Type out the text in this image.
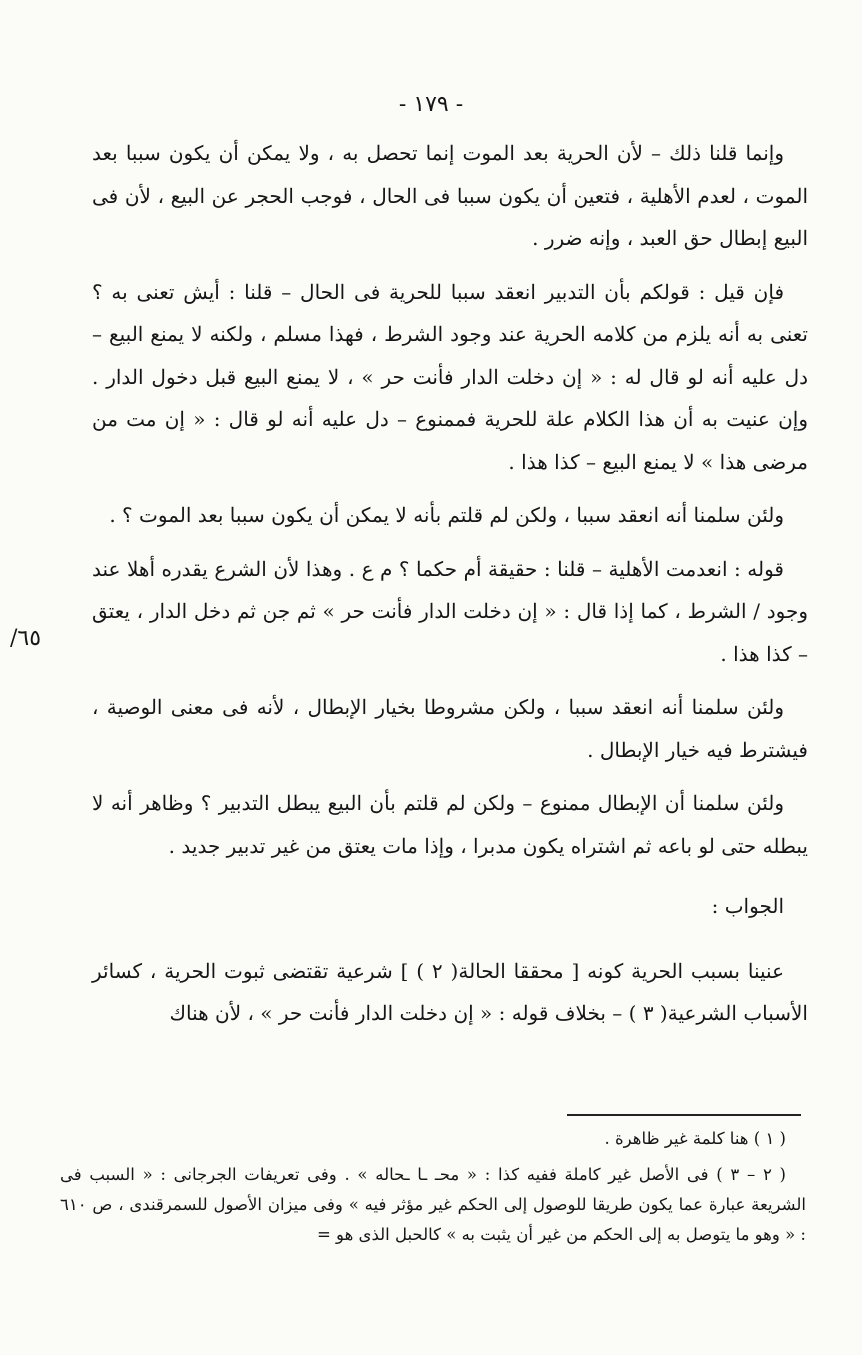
- ١٧٩ -
٦٥/

وإنما قلنا ذلك – لأن الحرية بعد الموت إنما تحصل به ، ولا يمكن أن يكون سببا بعد الموت ، لعدم الأهلية ، فتعين أن يكون سببا فى الحال ، فوجب الحجر عن البيع ، لأن فى البيع إبطال حق العبد ، وإنه ضرر .

فإن قيل : قولكم بأن التدبير انعقد سببا للحرية فى الحال – قلنا : أيش تعنى به ؟ تعنى به أنه يلزم من كلامه الحرية عند وجود الشرط ، فهذا مسلم ، ولكنه لا يمنع البيع – دل عليه أنه لو قال له : « إن دخلت الدار فأنت حر » ، لا يمنع البيع قبل دخول الدار . وإن عنيت به أن هذا الكلام علة للحرية فممنوع – دل عليه أنه لو قال : « إن مت من مرضى هذا » لا يمنع البيع – كذا هذا .

ولئن سلمنا أنه انعقد سببا ، ولكن لم قلتم بأنه لا يمكن أن يكون سببا بعد الموت ؟ .

قوله : انعدمت الأهلية – قلنا : حقيقة أم حكما ؟ م ع . وهذا لأن الشرع يقدره أهلا عند وجود / الشرط ، كما إذا قال : « إن دخلت الدار فأنت حر » ثم جن ثم دخل الدار ، يعتق – كذا هذا .

ولئن سلمنا أنه انعقد سببا ، ولكن مشروطا بخيار الإبطال ، لأنه فى معنى الوصية ، فيشترط فيه خيار الإبطال .

ولئن سلمنا أن الإبطال ممنوع – ولكن لم قلتم بأن البيع يبطل التدبير ؟ وظاهر أنه لا يبطله حتى لو باعه ثم اشتراه يكون مدبرا ، وإذا مات يعتق من غير تدبير جديد .

الجواب :

عنينا بسبب الحرية كونه [ محققا الحالة( ٢ ) ] شرعية تقتضى ثبوت الحرية ، كسائر الأسباب الشرعية( ٣ ) – بخلاف قوله : « إن دخلت الدار فأنت حر » ، لأن هناك

( ١ ) هنا كلمة غير ظاهرة .

( ٢ – ٣ ) فى الأصل غير كاملة ففيه كذا : « محـ ـا ـحاله » . وفى تعريفات الجرجانى : « السبب فى الشريعة عبارة عما يكون طريقا للوصول إلى الحكم غير مؤثر فيه » وفى ميزان الأصول للسمرقندى ، ص ٦١٠ : « وهو ما يتوصل به إلى الحكم من غير أن يثبت به » كالحبل الذى هو =
